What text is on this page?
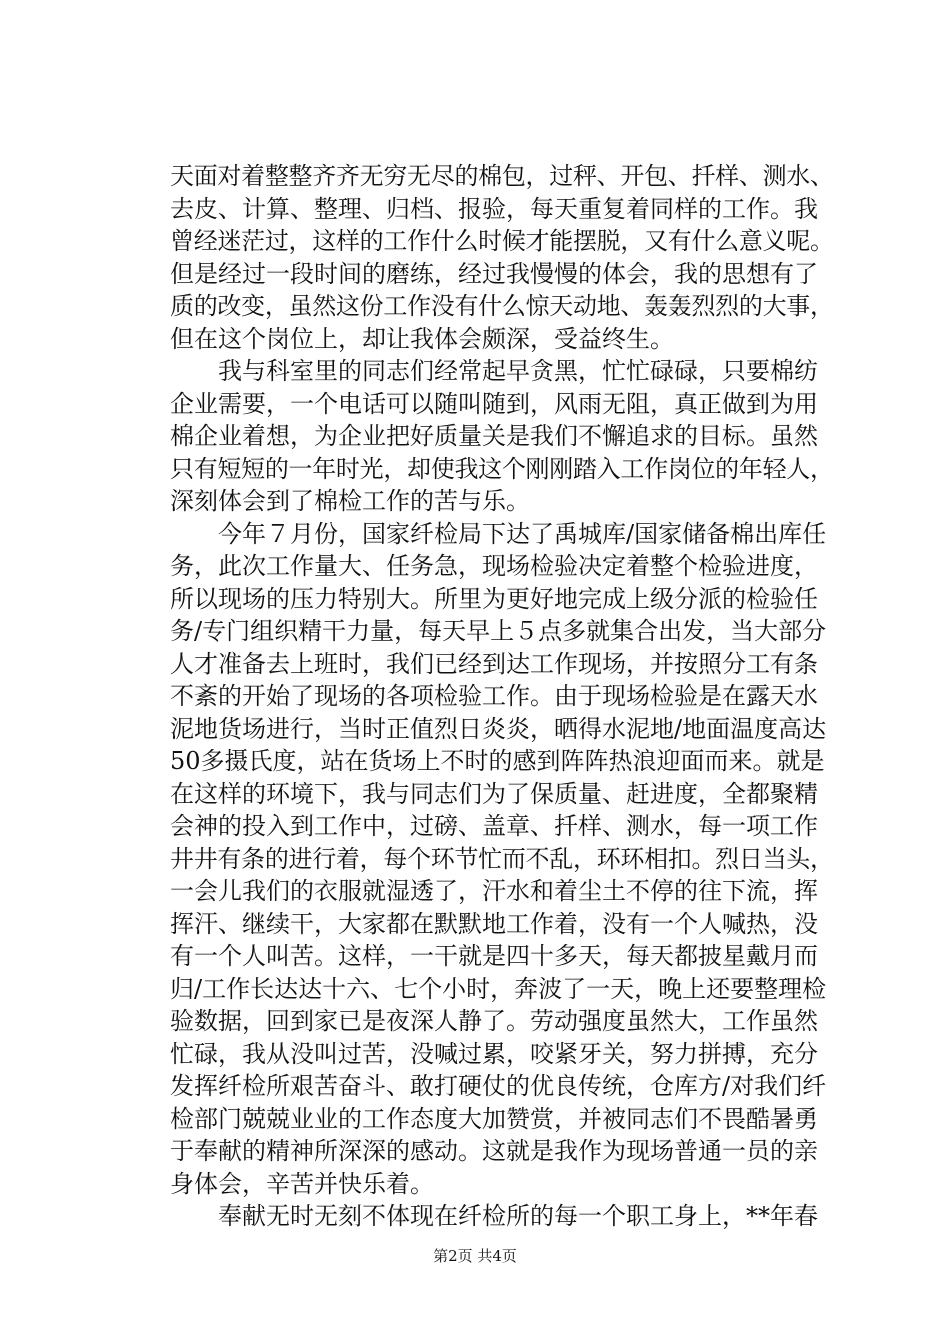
天面对着整整齐齐无穷无尽的棉包，过秤、开包、扦样、测水、
去皮、计算、整理、归档、报验，每天重复着同样的工作。我
曾经迷茫过，这样的工作什么时候才能摆脱，又有什么意义呢。
但是经过一段时间的磨练，经过我慢慢的体会，我的思想有了
质的改变，虽然这份工作没有什么惊天动地、轰轰烈烈的大事，
但在这个岗位上，却让我体会颇深，受益终生。
　　我与科室里的同志们经常起早贪黑，忙忙碌碌，只要棉纺
企业需要，一个电话可以随叫随到，风雨无阻，真正做到为用
棉企业着想，为企业把好质量关是我们不懈追求的目标。虽然
只有短短的一年时光，却使我这个刚刚踏入工作岗位的年轻人，
深刻体会到了棉检工作的苦与乐。
　　今年７月份，国家纤检局下达了禹城库/国家储备棉出库任
务，此次工作量大、任务急，现场检验决定着整个检验进度，
所以现场的压力特别大。所里为更好地完成上级分派的检验任
务/专门组织精干力量，每天早上５点多就集合出发，当大部分
人才准备去上班时，我们已经到达工作现场，并按照分工有条
不紊的开始了现场的各项检验工作。由于现场检验是在露天水
泥地货场进行，当时正值烈日炎炎，晒得水泥地/地面温度高达
50多摄氏度，站在货场上不时的感到阵阵热浪迎面而来。就是
在这样的环境下，我与同志们为了保质量、赶进度，全都聚精
会神的投入到工作中，过磅、盖章、扦样、测水，每一项工作
井井有条的进行着，每个环节忙而不乱，环环相扣。烈日当头，
一会儿我们的衣服就湿透了，汗水和着尘土不停的往下流，挥
挥汗、继续干，大家都在默默地工作着，没有一个人喊热，没
有一个人叫苦。这样，一干就是四十多天，每天都披星戴月而
归/工作长达达十六、七个小时，奔波了一天，晚上还要整理检
验数据，回到家已是夜深人静了。劳动强度虽然大，工作虽然
忙碌，我从没叫过苦，没喊过累，咬紧牙关，努力拼搏，充分
发挥纤检所艰苦奋斗、敢打硬仗的优良传统，仓库方/对我们纤
检部门兢兢业业的工作态度大加赞赏，并被同志们不畏酷暑勇
于奉献的精神所深深的感动。这就是我作为现场普通一员的亲
身体会，辛苦并快乐着。
　　奉献无时无刻不体现在纤检所的每一个职工身上，**年春
第2页 共4页
